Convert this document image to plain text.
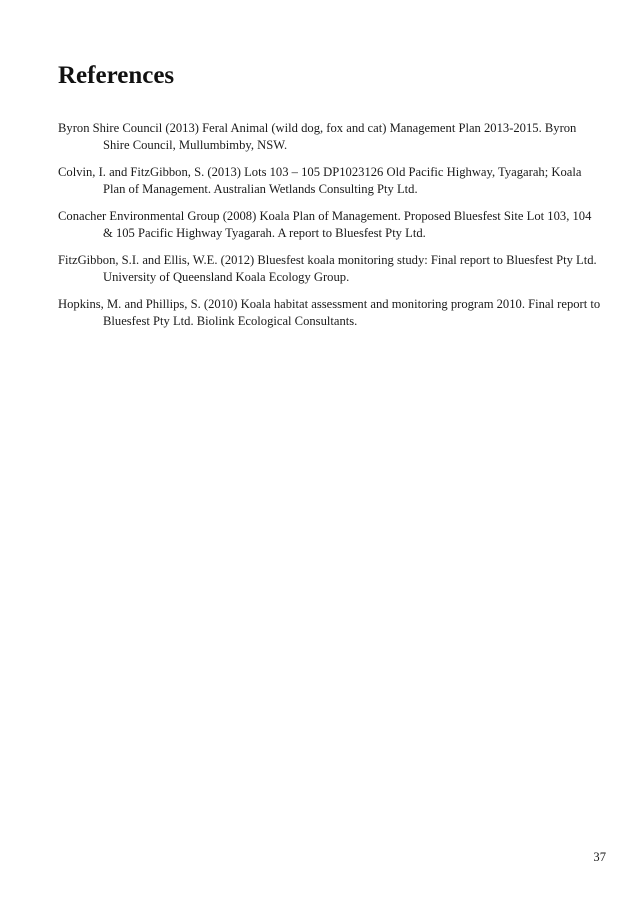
References
Byron Shire Council (2013) Feral Animal (wild dog, fox and cat) Management Plan 2013-2015. Byron Shire Council, Mullumbimby, NSW.
Colvin, I. and FitzGibbon, S. (2013) Lots 103 – 105 DP1023126 Old Pacific Highway, Tyagarah; Koala Plan of Management. Australian Wetlands Consulting Pty Ltd.
Conacher Environmental Group (2008) Koala Plan of Management. Proposed Bluesfest Site Lot 103, 104 & 105 Pacific Highway Tyagarah. A report to Bluesfest Pty Ltd.
FitzGibbon, S.I. and Ellis, W.E. (2012) Bluesfest koala monitoring study: Final report to Bluesfest Pty Ltd. University of Queensland Koala Ecology Group.
Hopkins, M. and Phillips, S. (2010) Koala habitat assessment and monitoring program 2010. Final report to Bluesfest Pty Ltd. Biolink Ecological Consultants.
37
